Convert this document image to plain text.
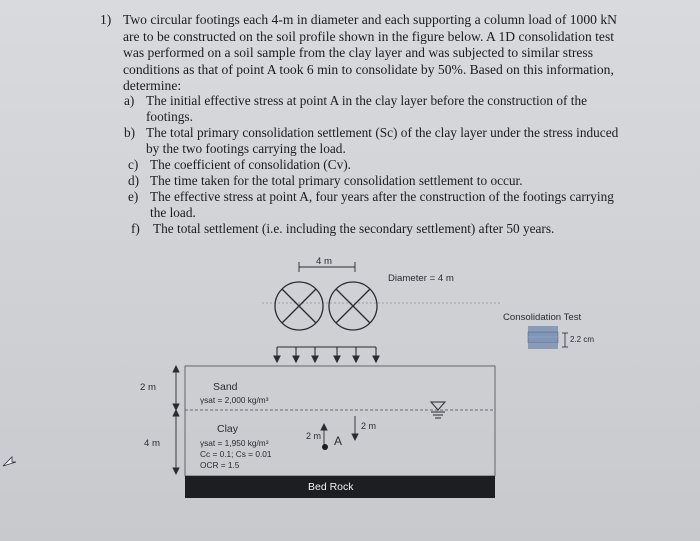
1) Two circular footings each 4-m in diameter and each supporting a column load of 1000 kN
are to be constructed on the soil profile shown in the figure below. A 1D consolidation test
was performed on a soil sample from the clay layer and was subjected to similar stress
conditions as that of point A took 6 min to consolidate by 50%. Based on this information,
determine:
a) The initial effective stress at point A in the clay layer before the construction of the
footings.
b) The total primary consolidation settlement (Sc) of the clay layer under the stress induced
by the two footings carrying the load.
c) The coefficient of consolidation (Cv).
d) The time taken for the total primary consolidation settlement to occur.
e) The effective stress at point A, four years after the construction of the footings carrying
the load.
f) The total settlement (i.e. including the secondary settlement) after 50 years.
4 m
Diameter = 4 m
Consolidation Test
2.2 cm
2 m	Sand
γsat = 2,000 kg/m³
4 m
Clay
γsat = 1,950 kg/m³
Cc = 0.1; Cs = 0.01
OCR = 1.5
2 m A
2 m
Bed Rock
